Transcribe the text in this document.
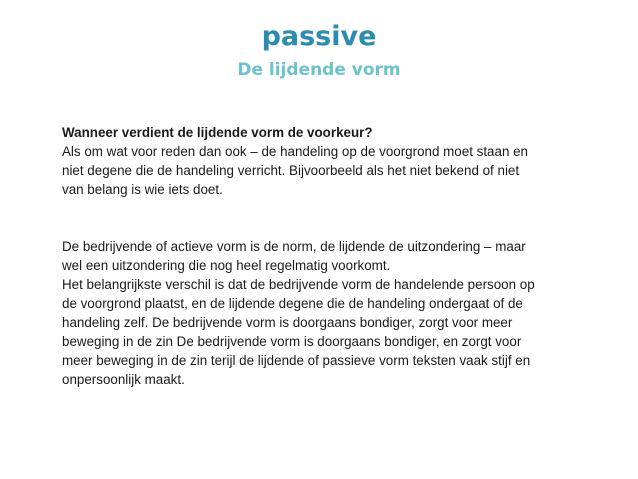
passive
De lijdende vorm
Wanneer verdient de lijdende vorm de voorkeur?
Als om wat voor reden dan ook – de handeling op de voorgrond moet staan en
niet degene die de handeling verricht. Bijvoorbeeld als het niet bekend of niet
van belang is wie iets doet.
De bedrijvende of actieve vorm is de norm, de lijdende de uitzondering – maar
wel een uitzondering die nog heel regelmatig voorkomt.
Het belangrijkste verschil is dat de bedrijvende vorm de handelende persoon op
de voorgrond plaatst, en de lijdende degene die de handeling ondergaat of de
handeling zelf. De bedrijvende vorm is doorgaans bondiger, zorgt voor meer
beweging in de zin De bedrijvende vorm is doorgaans bondiger, en zorgt voor
meer beweging in de zin terijl de lijdende of passieve vorm teksten vaak stijf en
onpersoonlijk maakt.
